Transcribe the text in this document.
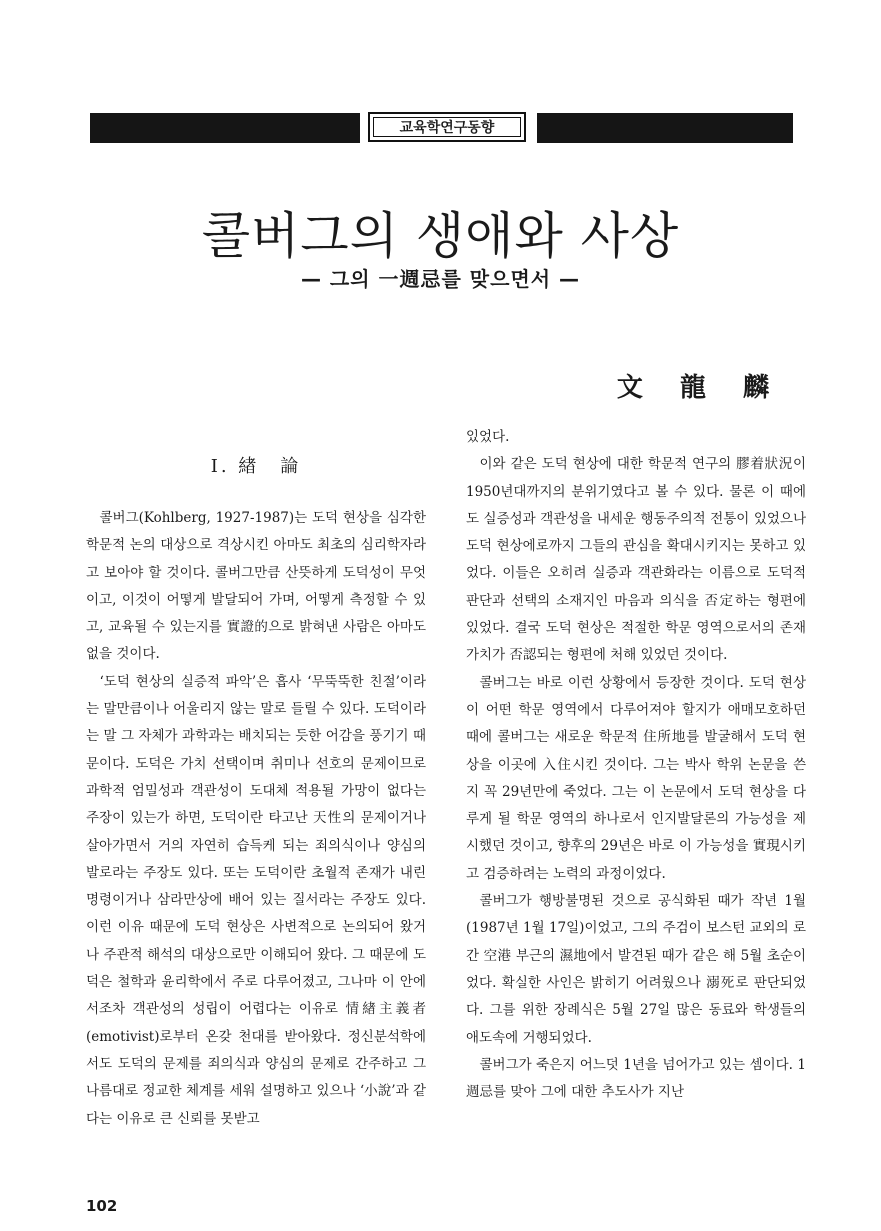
교육학연구동향
콜버그의 생애와 사상
— 그의 一週忌를 맞으면서 —
文 龍 麟
Ⅰ. 緖　論

콜버그(Kohlberg, 1927-1987)는 도덕 현상을 심각한 학문적 논의 대상으로 격상시킨 아마도 최초의 심리학자라고 보아야 할 것이다. 콜버그만큼 산뜻하게 도덕성이 무엇이고, 이것이 어떻게 발달되어 가며, 어떻게 측정할 수 있고, 교육될 수 있는지를 實證的으로 밝혀낸 사람은 아마도 없을 것이다.

‘도덕 현상의 실증적 파악’은 흡사 ‘무뚝뚝한 친절’이라는 말만큼이나 어울리지 않는 말로 들릴 수 있다. 도덕이라는 말 그 자체가 과학과는 배치되는 듯한 어감을 풍기기 때문이다. 도덕은 가치 선택이며 취미나 선호의 문제이므로 과학적 엄밀성과 객관성이 도대체 적용될 가망이 없다는 주장이 있는가 하면, 도덕이란 타고난 天性의 문제이거나 살아가면서 거의 자연히 습득케 되는 죄의식이나 양심의 발로라는 주장도 있다. 또는 도덕이란 초월적 존재가 내린 명령이거나 삼라만상에 배어 있는 질서라는 주장도 있다. 이런 이유 때문에 도덕 현상은 사변적으로 논의되어 왔거나 주관적 해석의 대상으로만 이해되어 왔다. 그 때문에 도덕은 철학과 윤리학에서 주로 다루어졌고, 그나마 이 안에서조차 객관성의 성립이 어렵다는 이유로 情緖主義者(emotivist)로부터 온갖 천대를 받아왔다. 정신분석학에서도 도덕의 문제를 죄의식과 양심의 문제로 간주하고 그 나름대로 정교한 체계를 세워 설명하고 있으나 ‘小說’과 같다는 이유로 큰 신뢰를 못받고

있었다.

이와 같은 도덕 현상에 대한 학문적 연구의 膠着狀況이 1950년대까지의 분위기였다고 볼 수 있다. 물론 이 때에도 실증성과 객관성을 내세운 행동주의적 전통이 있었으나 도덕 현상에로까지 그들의 관심을 확대시키지는 못하고 있었다. 이들은 오히려 실증과 객관화라는 이름으로 도덕적 판단과 선택의 소재지인 마음과 의식을 否定하는 형편에 있었다. 결국 도덕 현상은 적절한 학문 영역으로서의 존재 가치가 否認되는 형편에 처해 있었던 것이다.

콜버그는 바로 이런 상황에서 등장한 것이다. 도덕 현상이 어떤 학문 영역에서 다루어져야 할지가 애매모호하던 때에 콜버그는 새로운 학문적 住所地를 발굴해서 도덕 현상을 이곳에 入住시킨 것이다. 그는 박사 학위 논문을 쓴 지 꼭 29년만에 죽었다. 그는 이 논문에서 도덕 현상을 다루게 될 학문 영역의 하나로서 인지발달론의 가능성을 제시했던 것이고, 향후의 29년은 바로 이 가능성을 實現시키고 검증하려는 노력의 과정이었다.

콜버그가 행방불명된 것으로 공식화된 때가 작년 1월(1987년 1월 17일)이었고, 그의 주검이 보스턴 교외의 로간 空港 부근의 濕地에서 발견된 때가 같은 해 5월 초순이었다. 확실한 사인은 밝히기 어려웠으나 溺死로 판단되었다. 그를 위한 장례식은 5월 27일 많은 동료와 학생들의 애도속에 거행되었다.

콜버그가 죽은지 어느덧 1년을 넘어가고 있는 셈이다. 1週忌를 맞아 그에 대한 추도사가 지난

102
